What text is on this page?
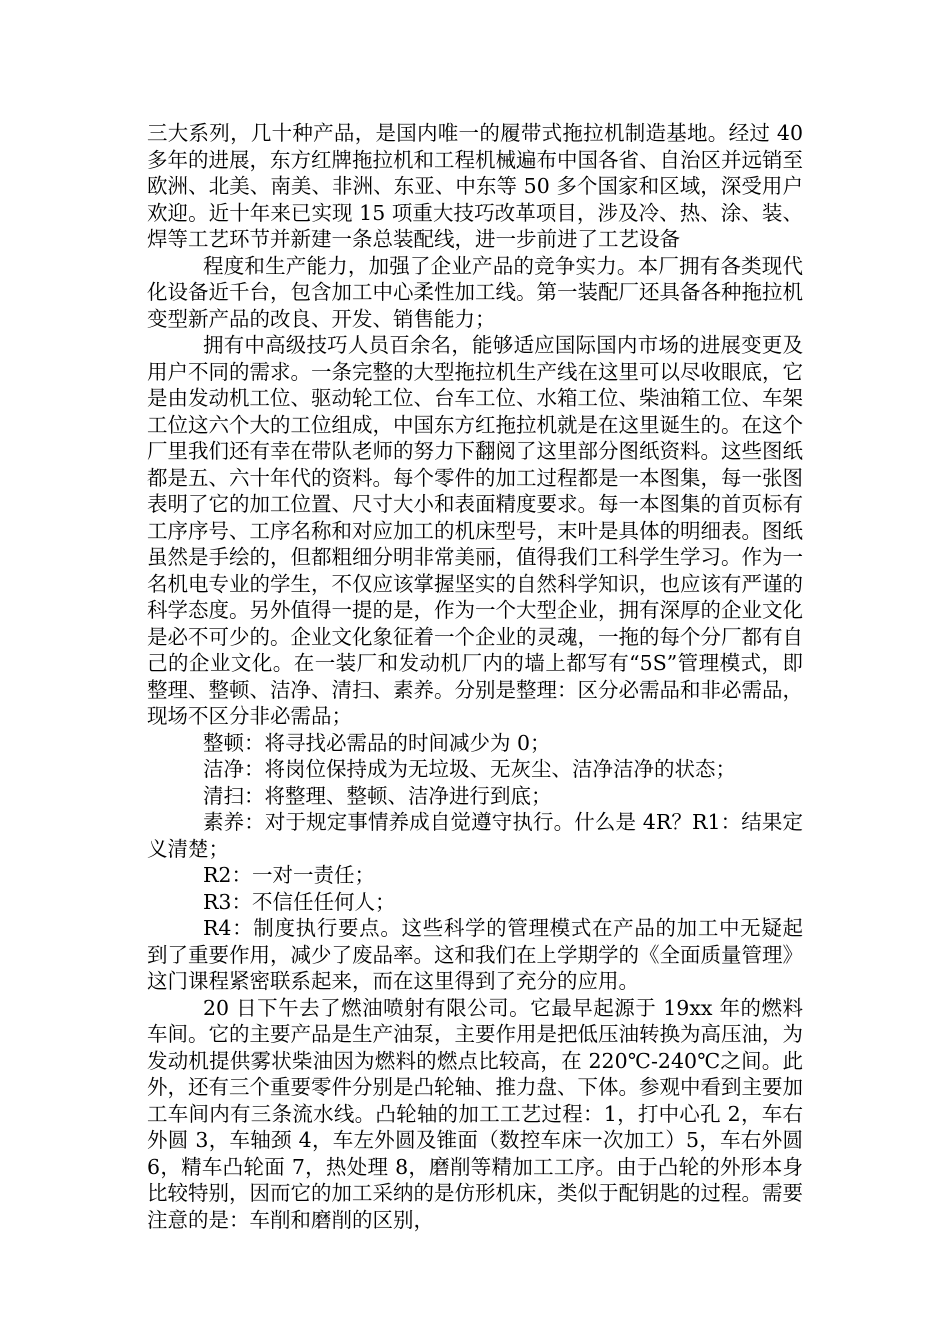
三大系列，几十种产品，是国内唯一的履带式拖拉机制造基地。经过 40 多年的进展，东方红牌拖拉机和工程机械遍布中国各省、自治区并远销至欧洲、北美、南美、非洲、东亚、中东等 50 多个国家和区域，深受用户欢迎。近十年来已实现 15 项重大技巧改革项目，涉及冷、热、涂、装、焊等工艺环节并新建一条总装配线，进一步前进了工艺设备

程度和生产能力，加强了企业产品的竞争实力。本厂拥有各类现代化设备近千台，包含加工中心柔性加工线。第一装配厂还具备各种拖拉机变型新产品的改良、开发、销售能力；

拥有中高级技巧人员百余名，能够适应国际国内市场的进展变更及用户不同的需求。一条完整的大型拖拉机生产线在这里可以尽收眼底，它是由发动机工位、驱动轮工位、台车工位、水箱工位、柴油箱工位、车架工位这六个大的工位组成，中国东方红拖拉机就是在这里诞生的。在这个厂里我们还有幸在带队老师的努力下翻阅了这里部分图纸资料。这些图纸都是五、六十年代的资料。每个零件的加工过程都是一本图集，每一张图表明了它的加工位置、尺寸大小和表面精度要求。每一本图集的首页标有工序序号、工序名称和对应加工的机床型号，末叶是具体的明细表。图纸虽然是手绘的，但都粗细分明非常美丽，值得我们工科学生学习。作为一名机电专业的学生，不仅应该掌握坚实的自然科学知识，也应该有严谨的科学态度。另外值得一提的是，作为一个大型企业，拥有深厚的企业文化是必不可少的。企业文化象征着一个企业的灵魂，一拖的每个分厂都有自己的企业文化。在一装厂和发动机厂内的墙上都写有“5S”管理模式，即整理、整顿、洁净、清扫、素养。分别是整理：区分必需品和非必需品，现场不区分非必需品；

整顿：将寻找必需品的时间减少为 0；

洁净：将岗位保持成为无垃圾、无灰尘、洁净洁净的状态；

清扫：将整理、整顿、洁净进行到底；

素养：对于规定事情养成自觉遵守执行。什么是 4R？R1：结果定义清楚；

R2：一对一责任；

R3：不信任任何人；

R4：制度执行要点。这些科学的管理模式在产品的加工中无疑起到了重要作用，减少了废品率。这和我们在上学期学的《全面质量管理》这门课程紧密联系起来，而在这里得到了充分的应用。

20 日下午去了燃油喷射有限公司。它最早起源于 19xx 年的燃料车间。它的主要产品是生产油泵，主要作用是把低压油转换为高压油，为发动机提供雾状柴油因为燃料的燃点比较高，在 220℃-240℃之间。此外，还有三个重要零件分别是凸轮轴、推力盘、下体。参观中看到主要加工车间内有三条流水线。凸轮轴的加工工艺过程：1，打中心孔 2，车右外圆 3，车轴颈 4，车左外圆及锥面（数控车床一次加工）5，车右外圆 6，精车凸轮面 7，热处理 8，磨削等精加工工序。由于凸轮的外形本身比较特别，因而它的加工采纳的是仿形机床，类似于配钥匙的过程。需要注意的是：车削和磨削的区别，
